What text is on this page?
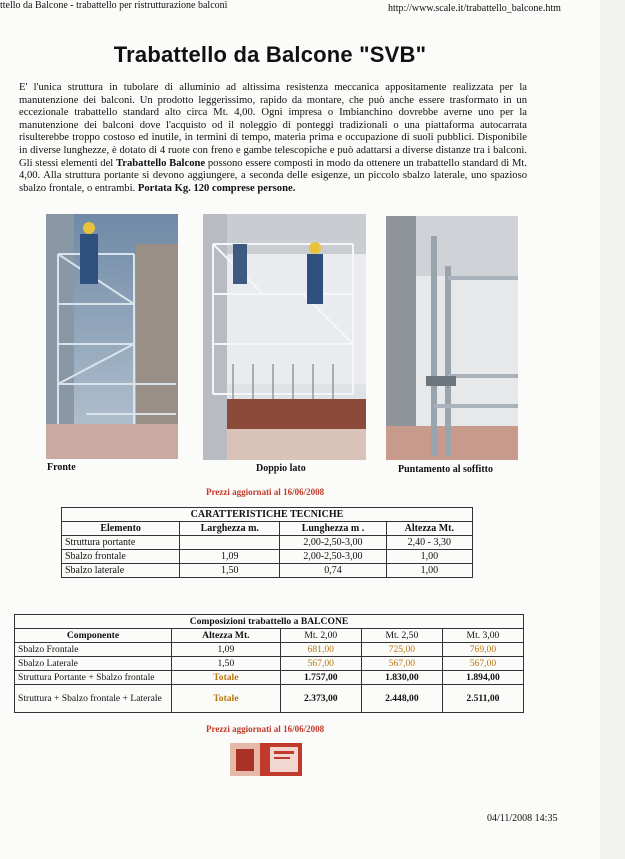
ttello da Balcone - trabattello per ristrutturazione balconi	http://www.scale.it/trabattello_balcone.htm
Trabattello da Balcone "SVB"
E' l'unica struttura in tubolare di alluminio ad altissima resistenza meccanica appositamente realizzata per la manutenzione dei balconi. Un prodotto leggerissimo, rapido da montare, che può anche essere trasformato in un eccezionale trabattello standard alto circa Mt. 4,00. Ogni impresa o Imbianchino dovrebbe averne uno per la manutenzione dei balconi dove l'acquisto od il noleggio di ponteggi tradizionali o una piattaforma autocarrata risulterebbe troppo costoso ed inutile, in termini di tempo, materia prima e occupazione di suoli pubblici. Disponibile in diverse lunghezze, è dotato di 4 ruote con freno e gambe telescopiche e può adattarsi a diverse distanze tra i balconi. Gli stessi elementi del Trabattello Balcone possono essere composti in modo da ottenere un trabattello standard di Mt. 4,00. Alla struttura portante si devono aggiungere, a seconda delle esigenze, un piccolo sbalzo laterale, uno spazioso sbalzo frontale, o entrambi. Portata Kg. 120 comprese persone.
Fronte	Doppio lato	Puntamento al soffitto
Prezzi aggiornati al 16/06/2008
CARATTERISTICHE TECNICHE			
Elemento	Larghezza m.	Lunghezza m .	Altezza Mt.
Struttura portante		2,00-2,50-3,00	2,40 - 3,30
Sbalzo frontale	1,09	2,00-2,50-3,00	1,00
Sbalzo laterale	1,50	0,74	1,00
Composizioni trabattello a BALCONE				
Componente	Altezza Mt.	Mt. 2,00	Mt. 2,50	Mt. 3,00
Sbalzo Frontale	1,09	681,00	725,00	769,00
Sbalzo Laterale	1,50	567,00	567,00	567,00
Struttura Portante + Sbalzo frontale	Totale	1.757,00	1.830,00	1.894,00
Struttura + Sbalzo frontale + Laterale	Totale	2.373,00	2.448,00	2.511,00
Prezzi aggiornati al 16/06/2008
04/11/2008 14:35
